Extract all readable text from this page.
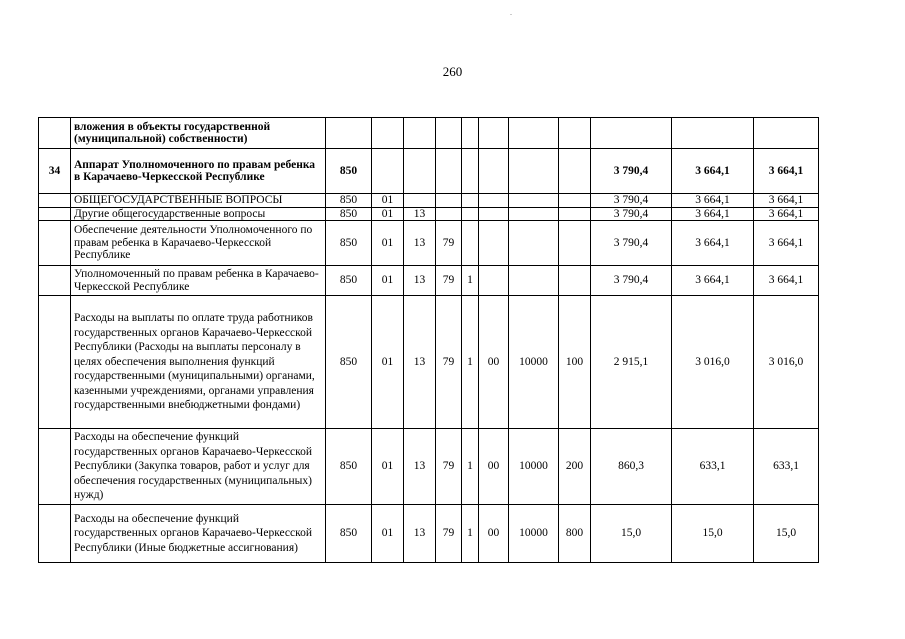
260
	вложения в объекты государственной (муниципальной) собственности)											
34	Аппарат Уполномоченного по правам ребенка в Карачаево-Черкесской Республике	850								3 790,4	3 664,1	3 664,1
	ОБЩЕГОСУДАРСТВЕННЫЕ ВОПРОСЫ	850	01							3 790,4	3 664,1	3 664,1
	Другие общегосударственные вопросы	850	01	13						3 790,4	3 664,1	3 664,1
	Обеспечение деятельности Уполномоченного по правам ребенка в Карачаево-Черкесской Республике	850	01	13	79					3 790,4	3 664,1	3 664,1
	Уполномоченный по правам ребенка в Карачаево-Черкесской Республике	850	01	13	79	1				3 790,4	3 664,1	3 664,1
	Расходы на выплаты по оплате труда работников государственных органов Карачаево-Черкесской Республики (Расходы на выплаты персоналу в целях обеспечения выполнения функций государственными (муниципальными) органами, казенными учреждениями, органами управления государственными внебюджетными фондами)	850	01	13	79	1	00	10000	100	2 915,1	3 016,0	3 016,0
	Расходы на обеспечение функций государственных органов Карачаево-Черкесской Республики (Закупка товаров, работ и услуг для обеспечения государственных (муниципальных) нужд)	850	01	13	79	1	00	10000	200	860,3	633,1	633,1
	Расходы на обеспечение функций государственных органов Карачаево-Черкесской Республики (Иные бюджетные ассигнования)	850	01	13	79	1	00	10000	800	15,0	15,0	15,0
